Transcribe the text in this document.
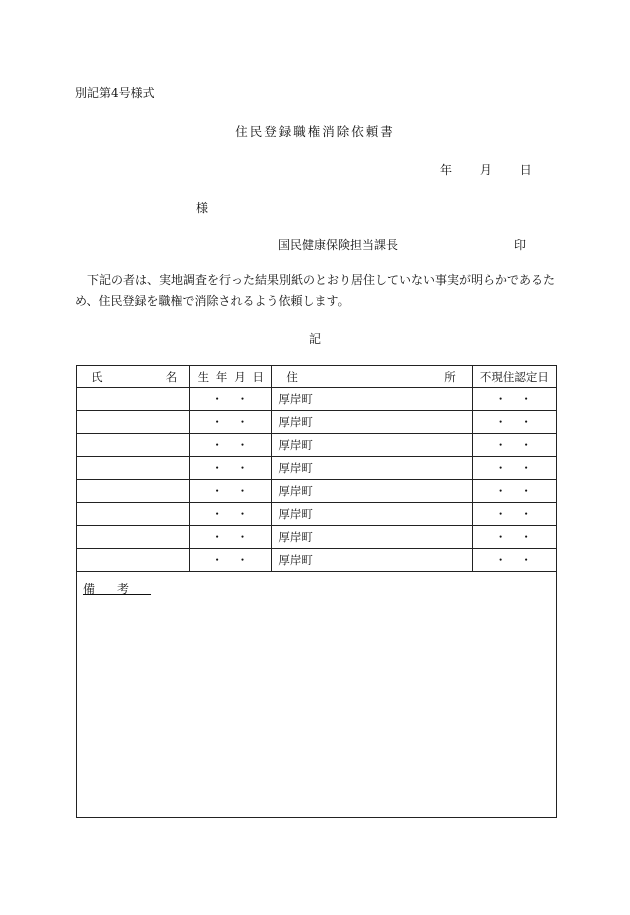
別記第4号様式
住民登録職権消除依頼書
年 月 日
様
国民健康保険担当課長	印
下記の者は、実地調査を行った結果別紙のとおり居住していない事実が明らかであるため、住民登録を職権で消除されるよう依頼します。
記
氏 名	生 年 月 日	住 所	不現住認定日
	・・	厚岸町	・・
	・・	厚岸町	・・
	・・	厚岸町	・・
	・・	厚岸町	・・
	・・	厚岸町	・・
	・・	厚岸町	・・
	・・	厚岸町	・・
	・・	厚岸町	・・
備考
